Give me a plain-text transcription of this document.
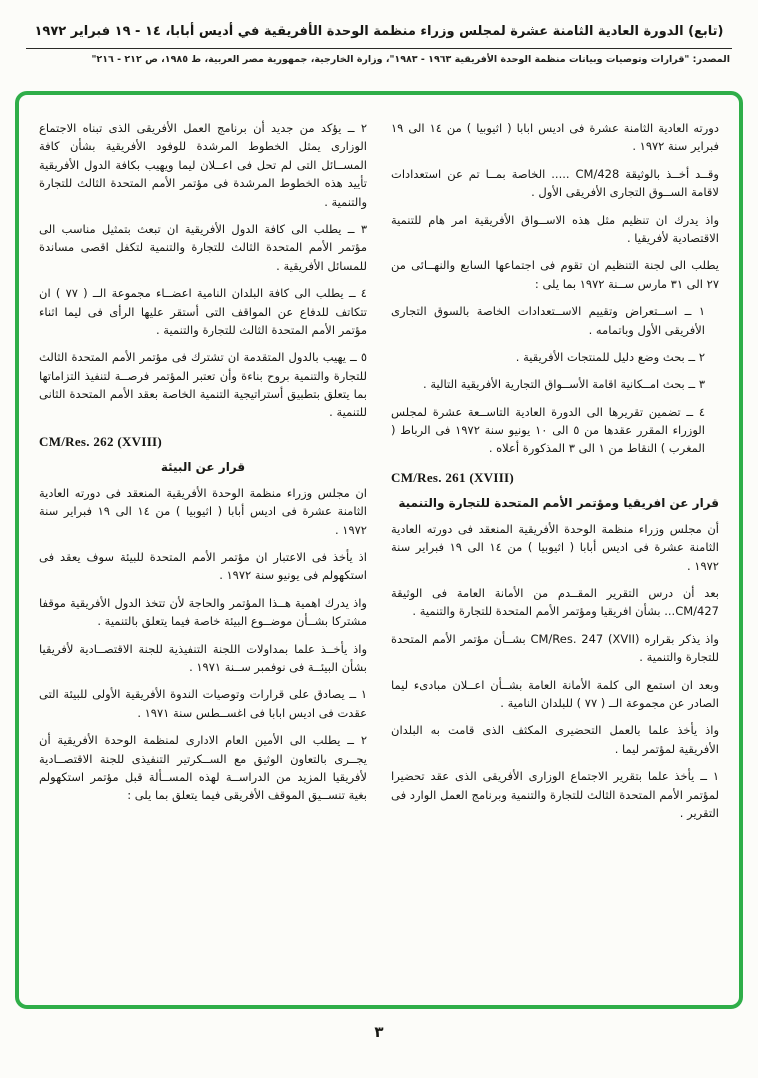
(تابع) الدورة العادية الثامنة عشرة لمجلس وزراء منظمة الوحدة الأفريقية في أديس أبابا، ١٤ - ١٩ فبراير ١٩٧٢
المصدر: "قرارات وتوصيات وبيانات منظمة الوحدة الأفريقية ١٩٦٣ - ١٩٨٣"، وزارة الخارجية، جمهورية مصر العربية، ط ١٩٨٥، ص ٢١٢ - ٢١٦"

دورته العادية الثامنة عشرة فى اديس ابابا ( اثيوبيا ) من ١٤ الى ١٩ فبراير سنة ١٩٧٢ .

وقــد أخــذ بالوثيقة CM/428 ..... الخاصة بمــا تم عن استعدادات لاقامة الســوق التجارى الأفريقى الأول .

واذ يدرك ان تنظيم مثل هذه الاســواق الأفريقية امر هام للتنمية الاقتصادية لأفريقيا .

يطلب الى لجنة التنظيم ان تقوم فى اجتماعها السابع والنهــائى من ٢٧ الى ٣١ مارس ســنة ١٩٧٢ بما يلى :

١ ــ اســتعراض وتقييم الاســتعدادات الخاصة بالسوق التجارى الأفريقى الأول وباتمامه .

٢ ــ بحث وضع دليل للمنتجات الأفريقية .

٣ ــ بحث امــكانية اقامة الأســواق التجارية الأفريقية التالية .

٤ ــ تضمين تقريرها الى الدورة العادية التاســعة عشرة لمجلس الوزراء المقرر عقدها من ٥ الى ١٠ يونيو سنة ١٩٧٢ فى الرباط ( المغرب ) النقاط من ١ الى ٣ المذكورة أعلاه .

CM/Res. 261 (XVIII)

قرار عن افريقيا ومؤتمر الأمم المتحدة للتجارة والتنمية

أن مجلس وزراء منظمة الوحدة الأفريقية المنعقد فى دورته العادية الثامنة عشرة فى اديس أبابا ( اثيوبيا ) من ١٤ الى ١٩ فبراير سنة ١٩٧٢ .

بعد أن درس التقرير المقــدم من الأمانة العامة فى الوثيقة CM/427... بشأن افريقيا ومؤتمر الأمم المتحدة للتجارة والتنمية .

واذ يذكر بقراره CM/Res. 247 (XVII) بشــأن مؤتمر الأمم المتحدة للتجارة والتنمية .

وبعد ان استمع الى كلمة الأمانة العامة بشــأن اعــلان مبادىء ليما الصادر عن مجموعة الــ ( ٧٧ ) للبلدان النامية .

واذ يأخذ علما بالعمل التحضيرى المكثف الذى قامت به البلدان الأفريقية لمؤتمر ليما .

١ ــ يأخذ علما بتقرير الاجتماع الوزارى الأفريقى الذى عقد تحضيرا لمؤتمر الأمم المتحدة الثالث للتجارة والتنمية وبرنامج العمل الوارد فى التقرير .

٢ ــ يؤكد من جديد أن برنامج العمل الأفريقى الذى تبناه الاجتماع الوزارى يمثل الخطوط المرشدة للوفود الأفريقية بشأن كافة المســائل التى لم تحل فى اعــلان ليما ويهيب بكافة الدول الأفريقية تأييد هذه الخطوط المرشدة فى مؤتمر الأمم المتحدة الثالث للتجارة والتنمية .

٣ ــ يطلب الى كافة الدول الأفريقية ان تبعث بتمثيل مناسب الى مؤتمر الأمم المتحدة الثالث للتجارة والتنمية لتكفل اقصى مساندة للمسائل الأفريقية .

٤ ــ يطلب الى كافة البلدان النامية اعضــاء مجموعة الــ ( ٧٧ ) ان تتكاتف للدفاع عن المواقف التى أستقر عليها الرأى فى ليما اثناء مؤتمر الأمم المتحدة الثالث للتجارة والتنمية .

٥ ــ يهيب بالدول المتقدمة ان تشترك فى مؤتمر الأمم المتحدة الثالث للتجارة والتنمية بروح بناءة وأن تعتبر المؤتمر فرصــة لتنفيذ التزاماتها بما يتعلق بتطبيق أستراتيجية التنمية الخاصة بعقد الأمم المتحدة الثانى للتنمية .

CM/Res. 262 (XVIII)

قرار عن البيئة

ان مجلس وزراء منظمة الوحدة الأفريقية المنعقد فى دورته العادية الثامنة عشرة فى اديس أبابا ( اثيوبيا ) من ١٤ الى ١٩ فبراير سنة ١٩٧٢ .

اذ يأخذ فى الاعتبار ان مؤتمر الأمم المتحدة للبيئة سوف يعقد فى استكهولم فى يونيو سنة ١٩٧٢ .

واذ يدرك اهمية هــذا المؤتمر والحاجة لأن تتخذ الدول الأفريقية موقفا مشتركا بشــأن موضــوع البيئة خاصة فيما يتعلق بالتنمية .

واذ يأخــذ علما بمداولات اللجنة التنفيذية للجنة الاقتصــادية لأفريقيا بشأن البيئــة فى نوفمبر ســنة ١٩٧١ .

١ ــ يصادق على قرارات وتوصيات الندوة الأفريقية الأولى للبيئة التى عقدت فى اديس ابابا فى اغســطس سنة ١٩٧١ .

٢ ــ يطلب الى الأمين العام الادارى لمنظمة الوحدة الأفريقية أن يجــرى بالتعاون الوثيق مع الســكرتير التنفيذى للجنة الاقتصــادية لأفريقيا المزيد من الدراســة لهذه المســألة قبل مؤتمر استكهولم بغية تنســيق الموقف الأفريقى فيما يتعلق بما يلى :

٣
